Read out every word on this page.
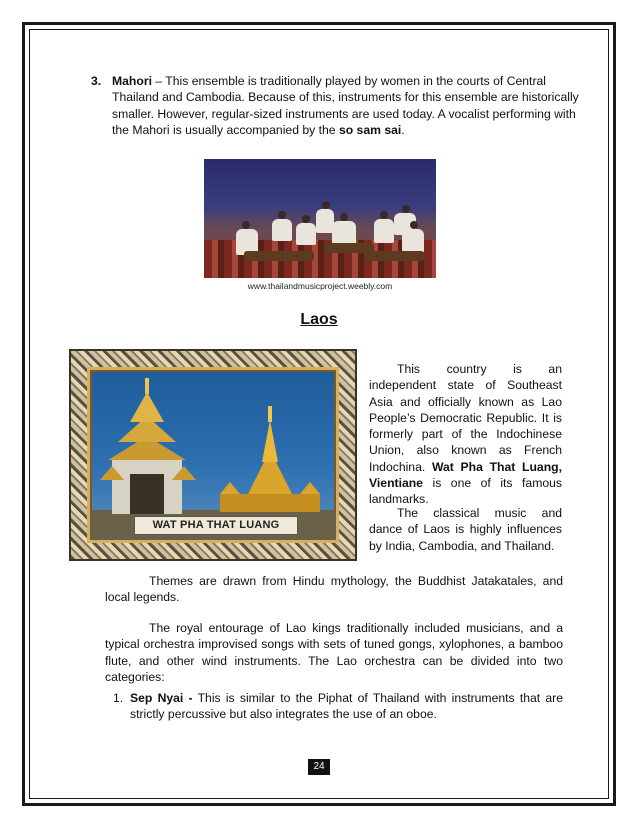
3. Mahori – This ensemble is traditionally played by women in the courts of Central Thailand and Cambodia. Because of this, instruments for this ensemble are historically smaller. However, regular-sized instruments are used today. A vocalist performing with the Mahori is usually accompanied by the so sam sai.
www.thailandmusicproject.weebly.com
Laos
WAT PHA THAT LUANG
This country is an independent state of Southeast Asia and officially known as Lao People’s Democratic Republic. It is formerly part of the Indochinese Union, also known as French Indochina. Wat Pha That Luang, Vientiane is one of its famous landmarks.
The classical music and dance of Laos is highly influences by India, Cambodia, and Thailand.
Themes are drawn from Hindu mythology, the Buddhist Jatakatales, and local legends.
The royal entourage of Lao kings traditionally included musicians, and a typical orchestra improvised songs with sets of tuned gongs, xylophones, a bamboo flute, and other wind instruments. The Lao orchestra can be divided into two categories:
1. Sep Nyai - This is similar to the Piphat of Thailand with instruments that are strictly percussive but also integrates the use of an oboe.
24
